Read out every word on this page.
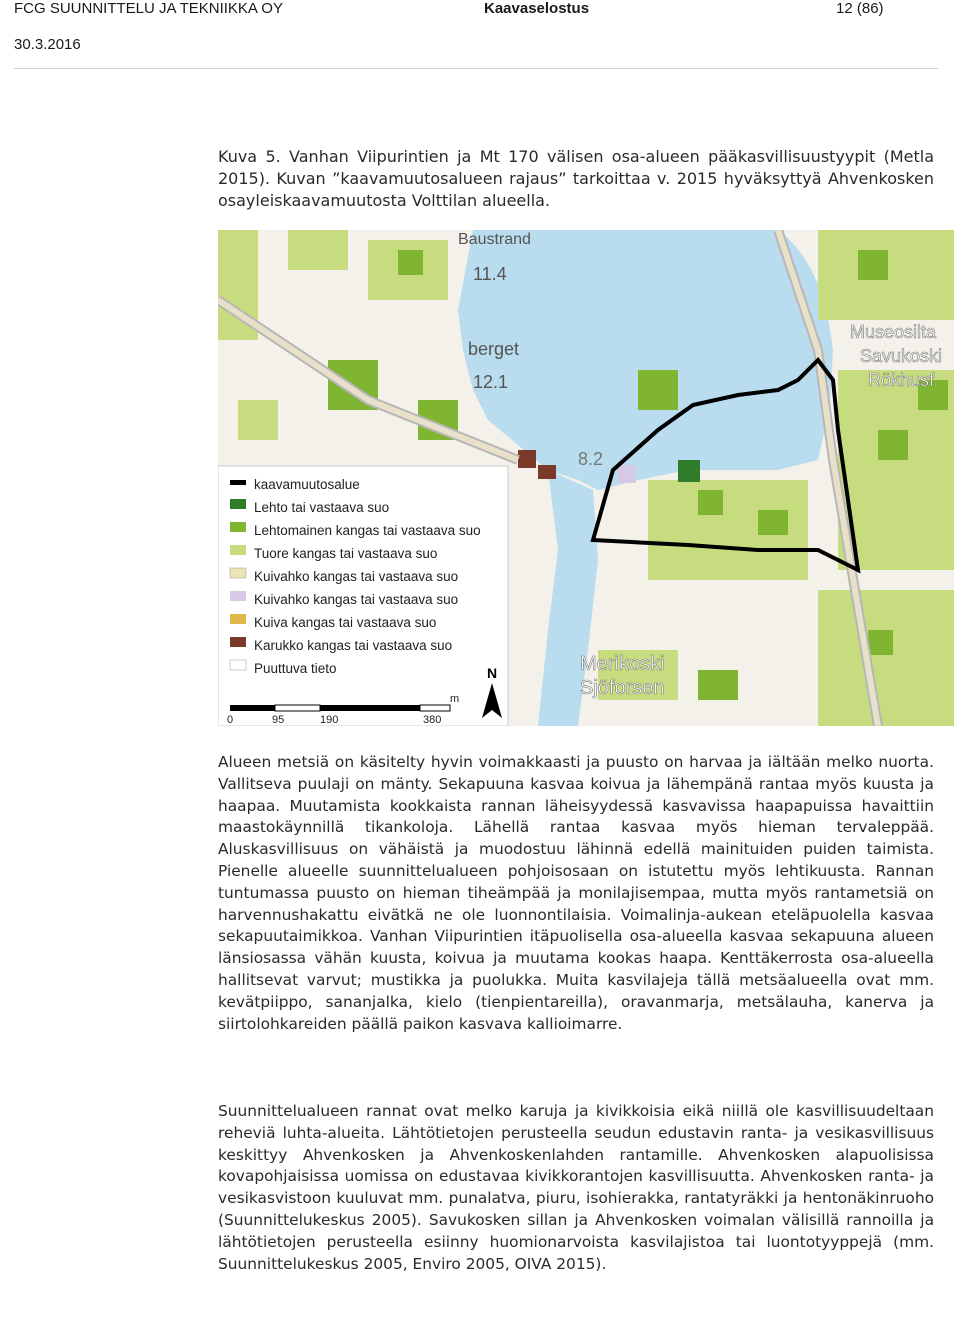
FCG SUUNNITTELU JA TEKNIIKKA OY
30.3.2016
Kaavaselostus	12 (86)
Kuva 5. Vanhan Viipurintien ja Mt 170 välisen osa-alueen pääkasvillisuustyypit (Metla 2015). Kuvan ”kaavamuutosalueen rajaus” tarkoittaa v. 2015 hyväksyttyä Ahvenkosken osayleiskaavamuutosta Volttilan alueella.
Baustrand
11.4
berget
12.1
8.2
Museosilta
Savukoski
Rökhusf
Merikoski
Sjöforsen
kaavamuutosalue
Lehto tai vastaava suo
Lehtomainen kangas tai vastaava suo
Tuore kangas tai vastaava suo
Kuivahko kangas tai vastaava suo
Kuivahko kangas tai vastaava suo
Kuiva kangas tai vastaava suo
Karukko kangas tai vastaava suo
Puuttuva tieto
m
0	95	190	380
N
Alueen metsiä on käsitelty hyvin voimakkaasti ja puusto on harvaa ja iältään melko nuorta. Vallitseva puulaji on mänty. Sekapuuna kasvaa koivua ja lähempänä rantaa myös kuusta ja haapaa. Muutamista kookkaista rannan läheisyydessä kasvavissa haapapuissa havaittiin maastokäynnillä tikankoloja. Lähellä rantaa kasvaa myös hieman tervaleppää. Aluskasvillisuus on vähäistä ja muodostuu lähinnä edellä mainituiden puiden taimista. Pienelle alueelle suunnittelualueen pohjoisosaan on istutettu myös lehtikuusta. Rannan tuntumassa puusto on hieman tiheämpää ja monilajisempaa, mutta myös rantametsiä on harvennushakattu eivätkä ne ole luonnontilaisia. Voimalinja-aukean eteläpuolella kasvaa sekapuutaimikkoa. Vanhan Viipurintien itäpuolisella osa-alueella kasvaa sekapuuna alueen länsiosassa vähän kuusta, koivua ja muutama kookas haapa. Kenttäkerrosta osa-alueella hallitsevat varvut; mustikka ja puolukka. Muita kasvilajeja tällä metsäalueella ovat mm. kevätpiippo, sananjalka, kielo (tienpientareilla), oravanmarja, metsälauha, kanerva ja siirtolohkareiden päällä paikon kasvava kallioimarre.
Suunnittelualueen rannat ovat melko karuja ja kivikkoisia eikä niillä ole kasvillisuudeltaan reheviä luhta-alueita. Lähtötietojen perusteella seudun edustavin ranta- ja vesikasvillisuus keskittyy Ahvenkosken ja Ahvenkoskenlahden rantamille. Ahvenkosken alapuolisissa kovapohjaisissa uomissa on edustavaa kivikkorantojen kasvillisuutta. Ahvenkosken ranta- ja vesikasvistoon kuuluvat mm. punalatva, piuru, isohierakka, rantatyräkki ja hentonäkinruoho (Suunnittelukeskus 2005). Savukosken sillan ja Ahvenkosken voimalan välisillä rannoilla ja lähtötietojen perusteella esiinny huomionarvoista kasvilajistoa tai luontotyyppejä (mm. Suunnittelukeskus 2005, Enviro 2005, OIVA 2015).
